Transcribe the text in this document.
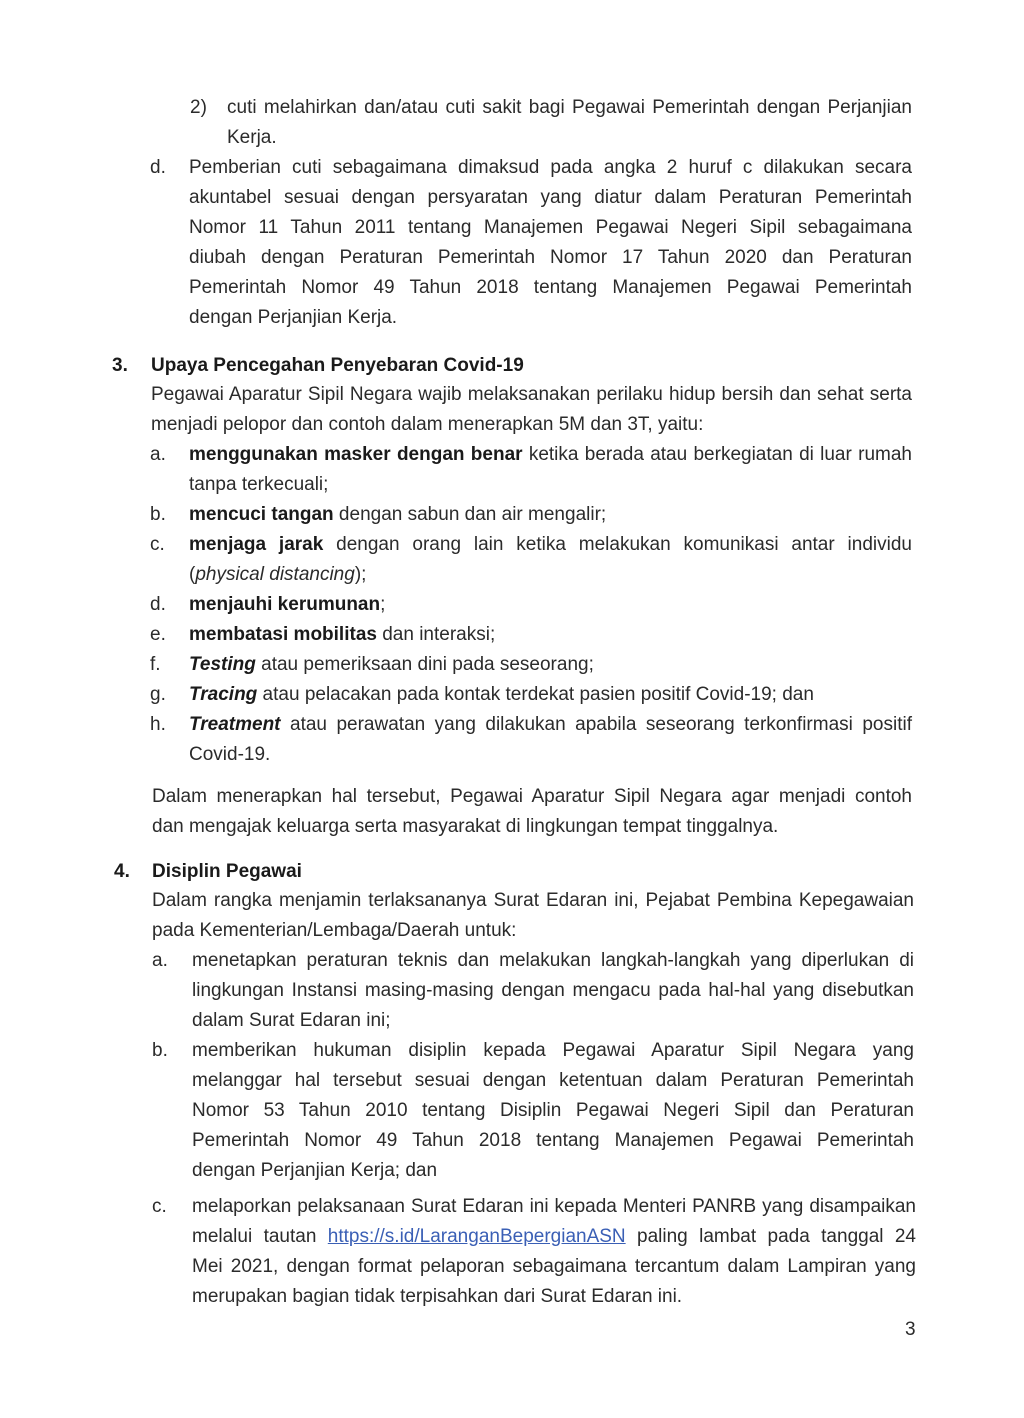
2) cuti melahirkan dan/atau cuti sakit bagi Pegawai Pemerintah dengan Perjanjian
Kerja.
d. Pemberian cuti sebagaimana dimaksud pada angka 2 huruf c dilakukan secara
akuntabel sesuai dengan persyaratan yang diatur dalam Peraturan Pemerintah
Nomor 11 Tahun 2011 tentang Manajemen Pegawai Negeri Sipil sebagaimana
diubah dengan Peraturan Pemerintah Nomor 17 Tahun 2020 dan Peraturan
Pemerintah Nomor 49 Tahun 2018 tentang Manajemen Pegawai Pemerintah
dengan Perjanjian Kerja.
3. Upaya Pencegahan Penyebaran Covid-19
Pegawai Aparatur Sipil Negara wajib melaksanakan perilaku hidup bersih dan sehat serta
menjadi pelopor dan contoh dalam menerapkan 5M dan 3T, yaitu:
a. menggunakan masker dengan benar ketika berada atau berkegiatan di luar rumah
tanpa terkecuali;
b. mencuci tangan dengan sabun dan air mengalir;
c. menjaga jarak dengan orang lain ketika melakukan komunikasi antar individu
(physical distancing);
d. menjauhi kerumunan;
e. membatasi mobilitas dan interaksi;
f. Testing atau pemeriksaan dini pada seseorang;
g. Tracing atau pelacakan pada kontak terdekat pasien positif Covid-19; dan
h. Treatment atau perawatan yang dilakukan apabila seseorang terkonfirmasi positif
Covid-19.
Dalam menerapkan hal tersebut, Pegawai Aparatur Sipil Negara agar menjadi contoh
dan mengajak keluarga serta masyarakat di lingkungan tempat tinggalnya.
4. Disiplin Pegawai
Dalam rangka menjamin terlaksananya Surat Edaran ini, Pejabat Pembina Kepegawaian
pada Kementerian/Lembaga/Daerah untuk:
a. menetapkan peraturan teknis dan melakukan langkah-langkah yang diperlukan di
lingkungan Instansi masing-masing dengan mengacu pada hal-hal yang disebutkan
dalam Surat Edaran ini;
b. memberikan hukuman disiplin kepada Pegawai Aparatur Sipil Negara yang
melanggar hal tersebut sesuai dengan ketentuan dalam Peraturan Pemerintah
Nomor 53 Tahun 2010 tentang Disiplin Pegawai Negeri Sipil dan Peraturan
Pemerintah Nomor 49 Tahun 2018 tentang Manajemen Pegawai Pemerintah
dengan Perjanjian Kerja; dan
c. melaporkan pelaksanaan Surat Edaran ini kepada Menteri PANRB yang disampaikan
melalui tautan https://s.id/LaranganBepergianASN paling lambat pada tanggal 24
Mei 2021, dengan format pelaporan sebagaimana tercantum dalam Lampiran yang
merupakan bagian tidak terpisahkan dari Surat Edaran ini.
3
